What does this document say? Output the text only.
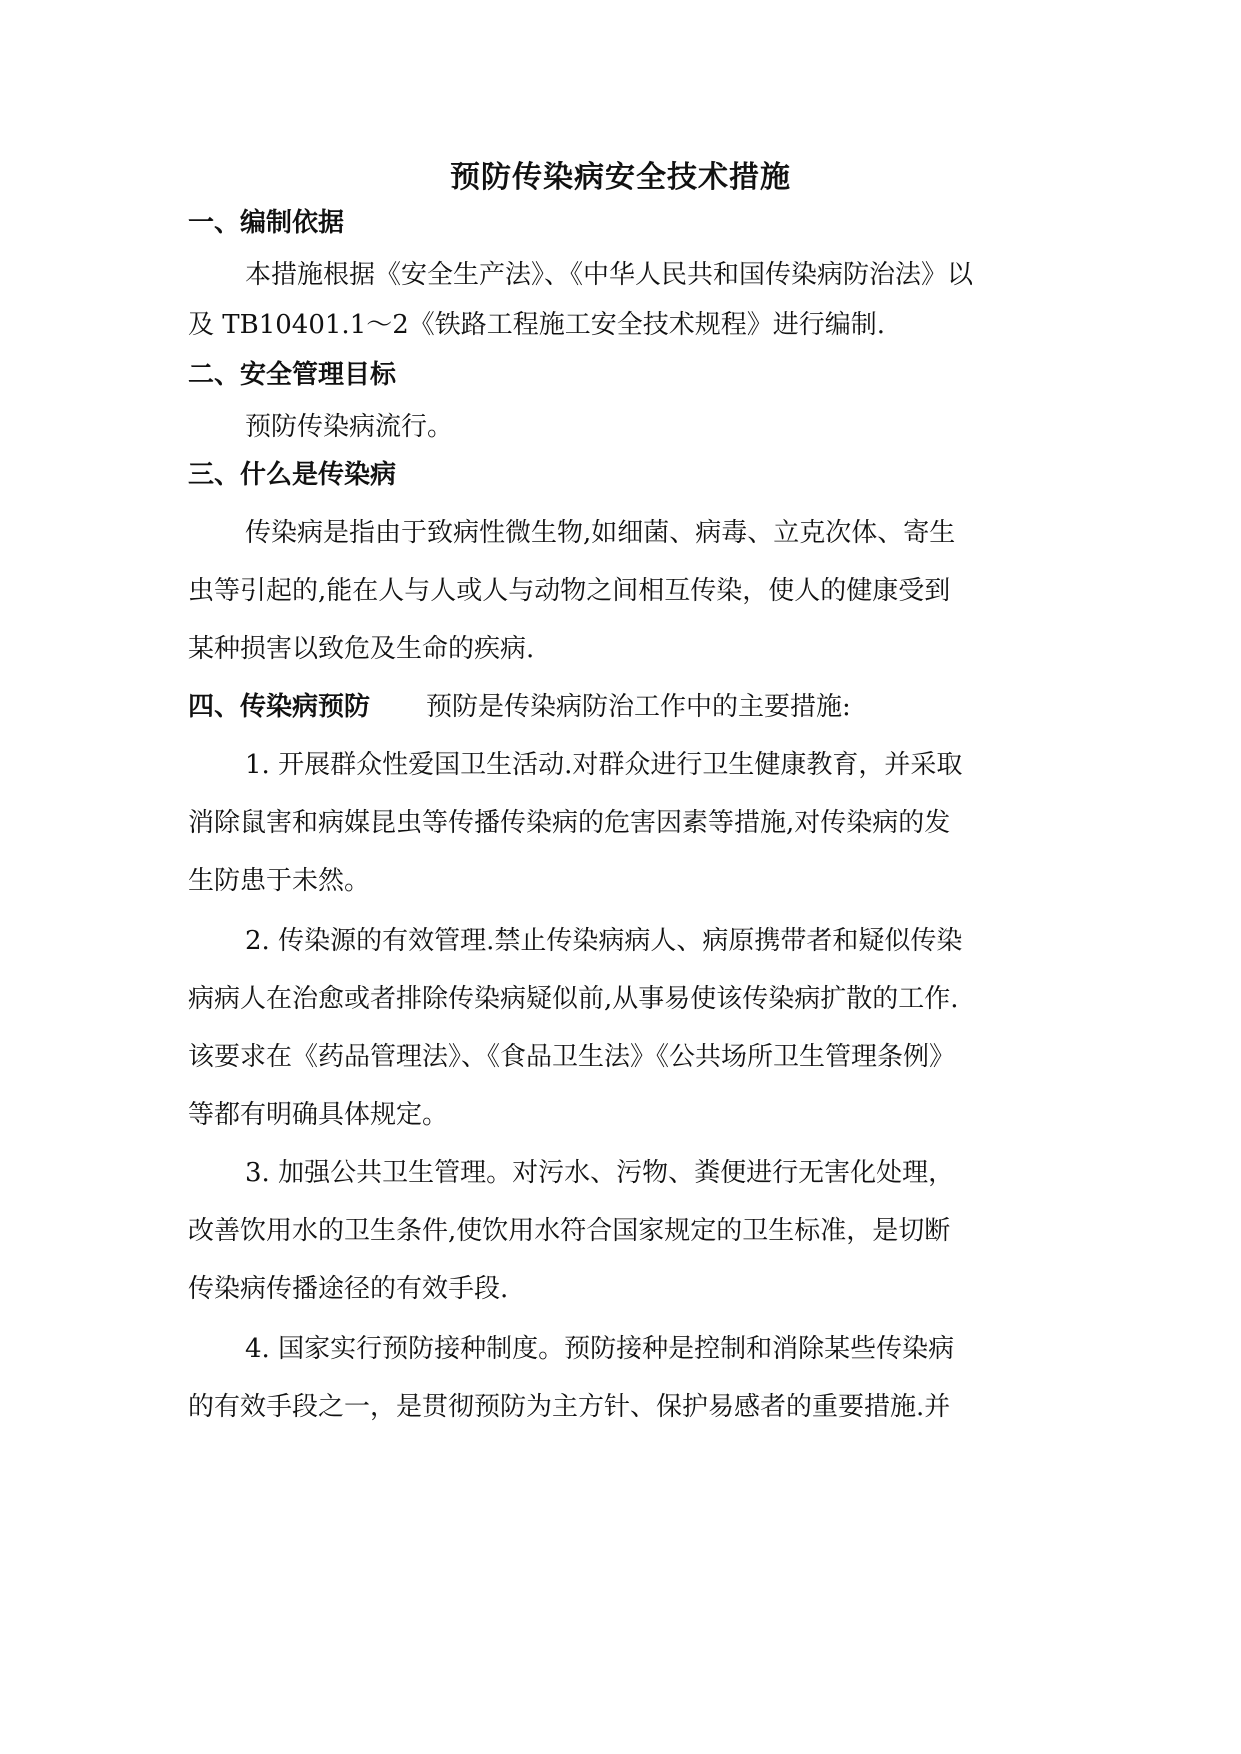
预防传染病安全技术措施
一、编制依据
本措施根据《安全生产法》、《中华人民共和国传染病防治法》以
及 TB10401.1～2《铁路工程施工安全技术规程》进行编制.
二、安全管理目标
预防传染病流行。
三、什么是传染病
传染病是指由于致病性微生物,如细菌、病毒、立克次体、寄生
虫等引起的,能在人与人或人与动物之间相互传染，使人的健康受到
某种损害以致危及生命的疾病.
四、传染病预防 预防是传染病防治工作中的主要措施:
1. 开展群众性爱国卫生活动.对群众进行卫生健康教育，并采取
消除鼠害和病媒昆虫等传播传染病的危害因素等措施,对传染病的发
生防患于未然。
2. 传染源的有效管理.禁止传染病病人、病原携带者和疑似传染
病病人在治愈或者排除传染病疑似前,从事易使该传染病扩散的工作.
该要求在《药品管理法》、《食品卫生法》《公共场所卫生管理条例》
等都有明确具体规定。
3. 加强公共卫生管理。对污水、污物、粪便进行无害化处理，
改善饮用水的卫生条件,使饮用水符合国家规定的卫生标准，是切断
传染病传播途径的有效手段.
4. 国家实行预防接种制度。预防接种是控制和消除某些传染病
的有效手段之一，是贯彻预防为主方针、保护易感者的重要措施.并
